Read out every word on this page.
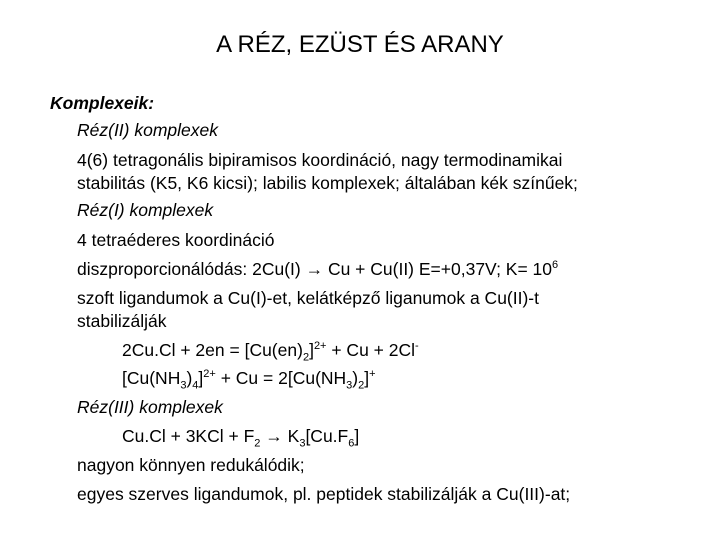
A RÉZ, EZÜST ÉS ARANY
Komplexeik:
Réz(II) komplexek
4(6) tetragonális bipiramisos koordináció, nagy termodinamikai
stabilitás (K5, K6 kicsi); labilis komplexek; általában kék színűek;
Réz(I) komplexek
4 tetraéderes koordináció
diszproporcionálódás: 2Cu(I) → Cu + Cu(II) E=+0,37V; $K= 10^6$
szoft ligandumok a Cu(I)-et, kelátképző liganumok a Cu(II)-t
stabilizálják
$2Cu.Cl + 2en = [Cu(en)_2]^{2+} + Cu + 2Cl^-$
$[Cu(NH_3)_4]^{2+} + Cu = 2[Cu(NH_3)_2]^+$
Réz(III) komplexek
$Cu.Cl + 3KCl + F_2 \to K_3[Cu.F_6]$
nagyon könnyen redukálódik;
egyes szerves ligandumok, pl. peptidek stabilizálják a Cu(III)-at;
